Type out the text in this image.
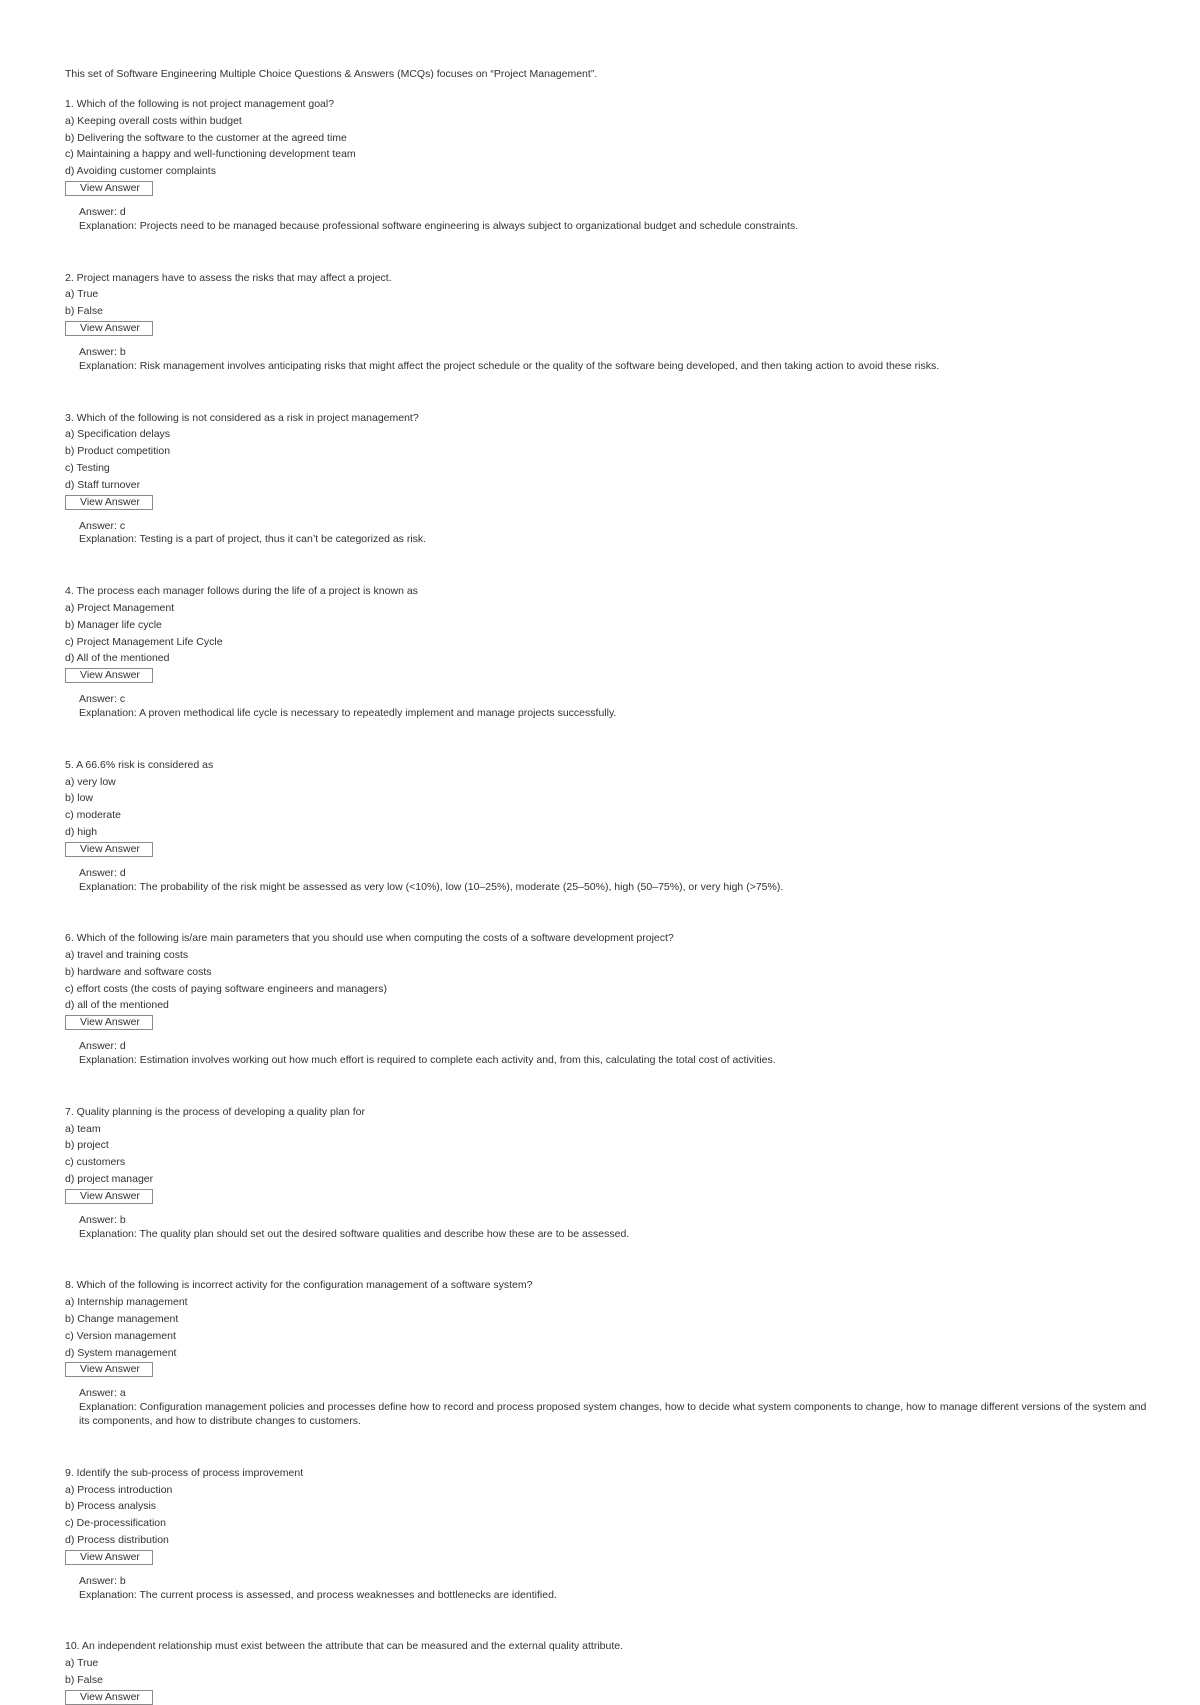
This set of Software Engineering Multiple Choice Questions & Answers (MCQs) focuses on “Project Management”.
1. Which of the following is not project management goal?
a) Keeping overall costs within budget
b) Delivering the software to the customer at the agreed time
c) Maintaining a happy and well-functioning development team
d) Avoiding customer complaints
View Answer
Answer: d
Explanation: Projects need to be managed because professional software engineering is always subject to organizational budget and schedule constraints.
2. Project managers have to assess the risks that may affect a project.
a) True
b) False
View Answer
Answer: b
Explanation: Risk management involves anticipating risks that might affect the project schedule or the quality of the software being developed, and then taking action to avoid these risks.
3. Which of the following is not considered as a risk in project management?
a) Specification delays
b) Product competition
c) Testing
d) Staff turnover
View Answer
Answer: c
Explanation: Testing is a part of project, thus it can’t be categorized as risk.
4. The process each manager follows during the life of a project is known as
a) Project Management
b) Manager life cycle
c) Project Management Life Cycle
d) All of the mentioned
View Answer
Answer: c
Explanation: A proven methodical life cycle is necessary to repeatedly implement and manage projects successfully.
5. A 66.6% risk is considered as
a) very low
b) low
c) moderate
d) high
View Answer
Answer: d
Explanation: The probability of the risk might be assessed as very low (<10%), low (10–25%), moderate (25–50%), high (50–75%), or very high (>75%).
6. Which of the following is/are main parameters that you should use when computing the costs of a software development project?
a) travel and training costs
b) hardware and software costs
c) effort costs (the costs of paying software engineers and managers)
d) all of the mentioned
View Answer
Answer: d
Explanation: Estimation involves working out how much effort is required to complete each activity and, from this, calculating the total cost of activities.
7. Quality planning is the process of developing a quality plan for
a) team
b) project
c) customers
d) project manager
View Answer
Answer: b
Explanation: The quality plan should set out the desired software qualities and describe how these are to be assessed.
8. Which of the following is incorrect activity for the configuration management of a software system?
a) Internship management
b) Change management
c) Version management
d) System management
View Answer
Answer: a
Explanation: Configuration management policies and processes define how to record and process proposed system changes, how to decide what system components to change, how to manage different versions of the system and its components, and how to distribute changes to customers.
9. Identify the sub-process of process improvement
a) Process introduction
b) Process analysis
c) De-processification
d) Process distribution
View Answer
Answer: b
Explanation: The current process is assessed, and process weaknesses and bottlenecks are identified.
10. An independent relationship must exist between the attribute that can be measured and the external quality attribute.
a) True
b) False
View Answer
